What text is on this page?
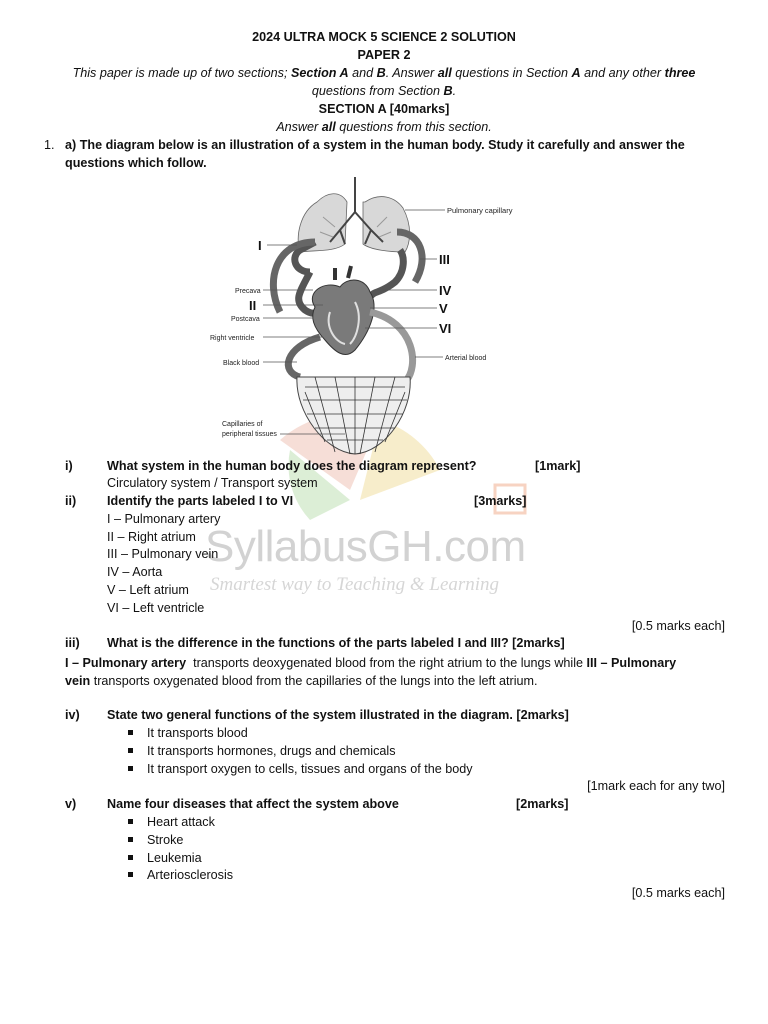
SyllabusGH.com
Smartest way to Teaching & Learning
2024 ULTRA MOCK 5 SCIENCE 2 SOLUTION
PAPER 2
This paper is made up of two sections; Section A and B. Answer all questions in Section A and any other three
questions from Section B.
SECTION A [40marks]
Answer all questions from this section.
1. a) The diagram below is an illustration of a system in the human body. Study it carefully and answer the
questions which follow.
Pulmonary capillary
I
III
Precava	IV
II	V
Postcava
VI
Right ventricle
Arterial blood
Black blood
Capillaries of
peripheral tissues
i)	What system in the human body does the diagram represent?	[1mark]
Circulatory system / Transport system
ii) Identify the parts labeled I to VI	[3marks]
I – Pulmonary artery
II – Right atrium
III – Pulmonary vein
IV – Aorta
V – Left atrium
VI – Left ventricle
[0.5 marks each]
iii) What is the difference in the functions of the parts labeled I and III? [2marks]
I – Pulmonary artery  transports deoxygenated blood from the right atrium to the lungs while III – Pulmonary
vein transports oxygenated blood from the capillaries of the lungs into the left atrium.
iv) State two general functions of the system illustrated in the diagram. [2marks]
It transports blood
It transports hormones, drugs and chemicals
It transport oxygen to cells, tissues and organs of the body
[1mark each for any two]
v) Name four diseases that affect the system above	[2marks]
Heart attack
Stroke
Leukemia
Arteriosclerosis
[0.5 marks each]
